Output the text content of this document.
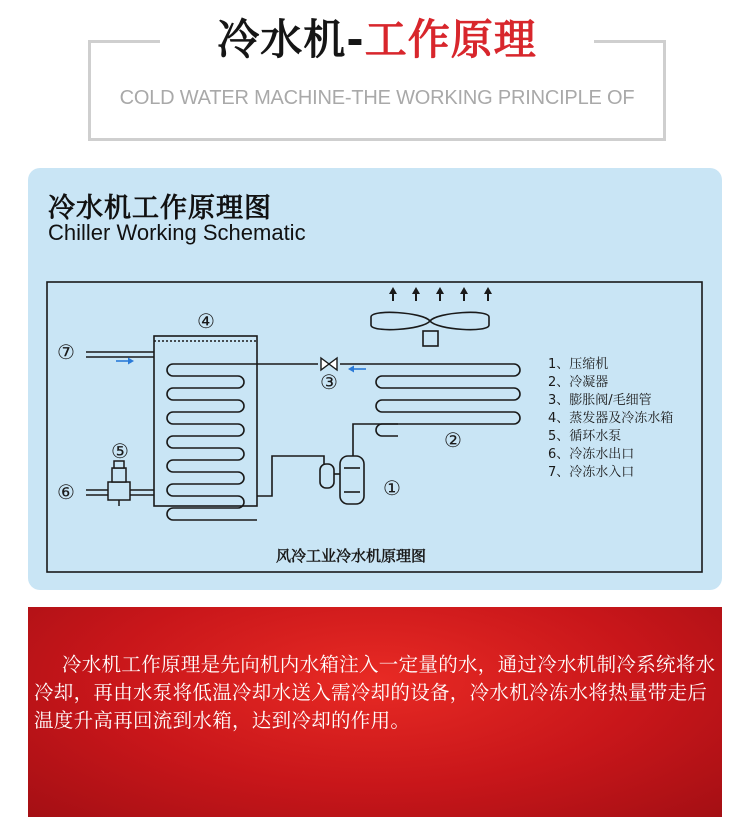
冷水机-工作原理
COLD WATER MACHINE-THE WORKING PRINCIPLE OF
冷水机工作原理图
Chiller Working Schematic
④
⑦
⑤
⑥
③
②
①
1、压缩机
2、冷凝器
3、膨胀阀/毛细管
4、蒸发器及冷冻水箱
5、循环水泵
6、冷冻水出口
7、冷冻水入口
风冷工业冷水机原理图

冷水机工作原理是先向机内水箱注入一定量的水，通过冷水机制冷系统将水冷却，再由水泵将低温冷却水送入需冷却的设备，冷水机冷冻水将热量带走后温度升高再回流到水箱，达到冷却的作用。
